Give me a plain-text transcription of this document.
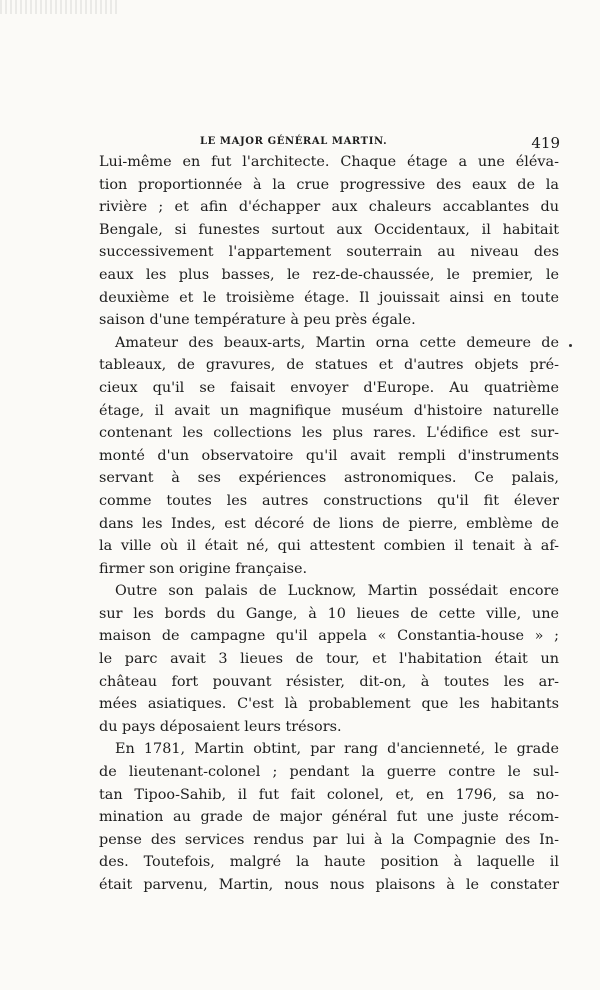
LE MAJOR GÉNÉRAL MARTIN.	419
Lui-même en fut l'architecte. Chaque étage a une éléva-
tion proportionnée à la crue progressive des eaux de la
rivière ; et afin d'échapper aux chaleurs accablantes du
Bengale, si funestes surtout aux Occidentaux, il habitait
successivement l'appartement souterrain au niveau des
eaux les plus basses, le rez-de-chaussée, le premier, le
deuxième et le troisième étage. Il jouissait ainsi en toute
saison d'une température à peu près égale.
Amateur des beaux-arts, Martin orna cette demeure de
tableaux, de gravures, de statues et d'autres objets pré-
cieux qu'il se faisait envoyer d'Europe. Au quatrième
étage, il avait un magnifique muséum d'histoire naturelle
contenant les collections les plus rares. L'édifice est sur-
monté d'un observatoire qu'il avait rempli d'instruments
servant à ses expériences astronomiques. Ce palais,
comme toutes les autres constructions qu'il fit élever
dans les Indes, est décoré de lions de pierre, emblème de
la ville où il était né, qui attestent combien il tenait à af-
firmer son origine française.
Outre son palais de Lucknow, Martin possédait encore
sur les bords du Gange, à 10 lieues de cette ville, une
maison de campagne qu'il appela « Constantia-house » ;
le parc avait 3 lieues de tour, et l'habitation était un
château fort pouvant résister, dit-on, à toutes les ar-
mées asiatiques. C'est là probablement que les habitants
du pays déposaient leurs trésors.
En 1781, Martin obtint, par rang d'ancienneté, le grade
de lieutenant-colonel ; pendant la guerre contre le sul-
tan Tipoo-Sahib, il fut fait colonel, et, en 1796, sa no-
mination au grade de major général fut une juste récom-
pense des services rendus par lui à la Compagnie des In-
des. Toutefois, malgré la haute position à laquelle il
était parvenu, Martin, nous nous plaisons à le constater
